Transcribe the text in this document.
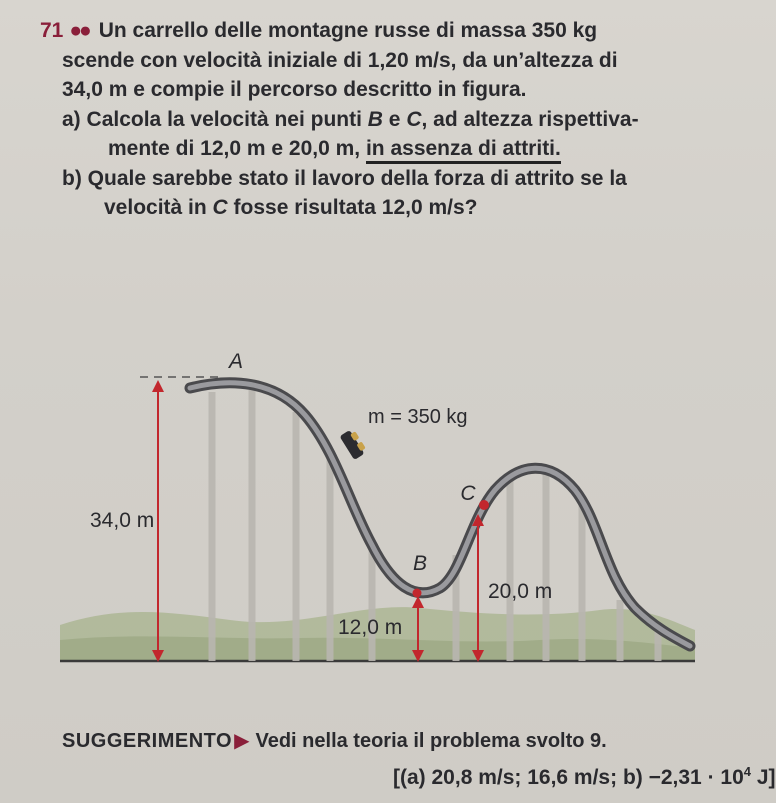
71 ●● Un carrello delle montagne russe di massa 350 kg

scende con velocità iniziale di 1,20 m/s, da un’altezza di

34,0 m e compie il percorso descritto in figura.

a) Calcola la velocità nei punti B e C, ad altezza rispettiva-

mente di 12,0 m e 20,0 m, in assenza di attriti.

b) Quale sarebbe stato il lavoro della forza di attrito se la

velocità in C fosse risultata 12,0 m/s?

A
m = 350 kg
C
34,0 m
B
20,0 m
12,0 m
SUGGERIMENTO ▶ Vedi nella teoria il problema svolto 9.
[(a) 20,8 m/s; 16,6 m/s; $b) -2,31 \cdot 10^4$ J]
